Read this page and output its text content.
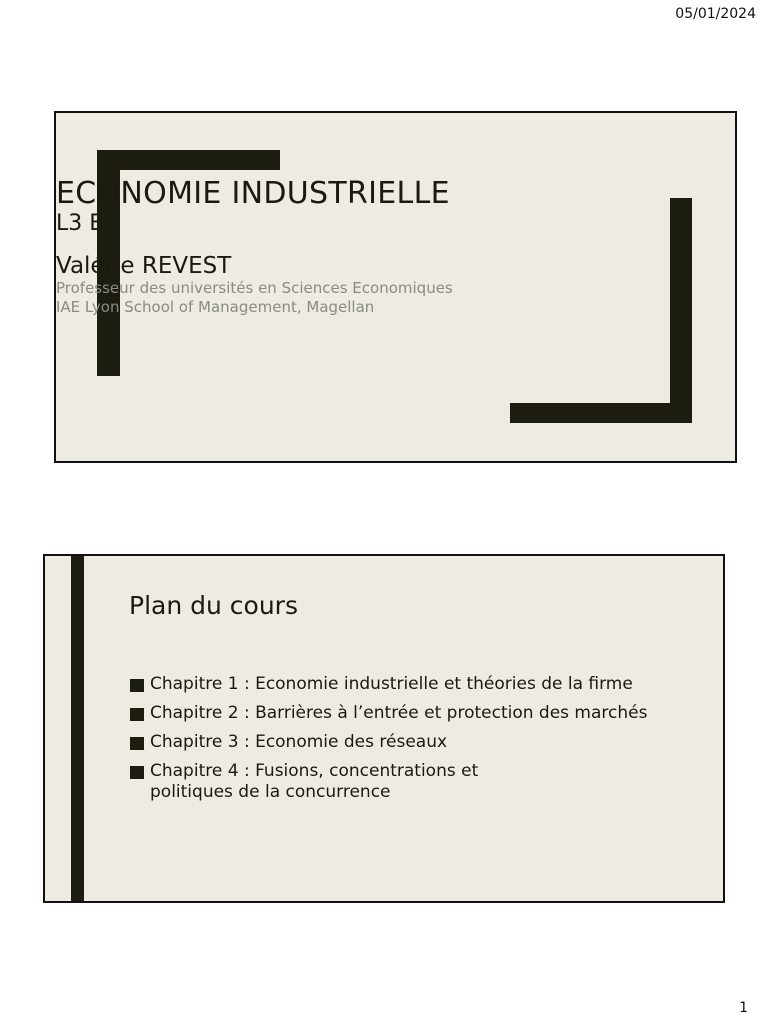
05/01/2024
ECONOMIE INDUSTRIELLE
L3 EG
Valérie REVEST
Professeur des universités en Sciences Economiques
IAE Lyon School of Management, Magellan
Plan du cours
Chapitre 1 : Economie industrielle et théories de la firme
Chapitre 2 : Barrières à l’entrée et protection des marchés
Chapitre 3 : Economie des réseaux
Chapitre 4 : Fusions, concentrations et politiques de la concurrence
1
